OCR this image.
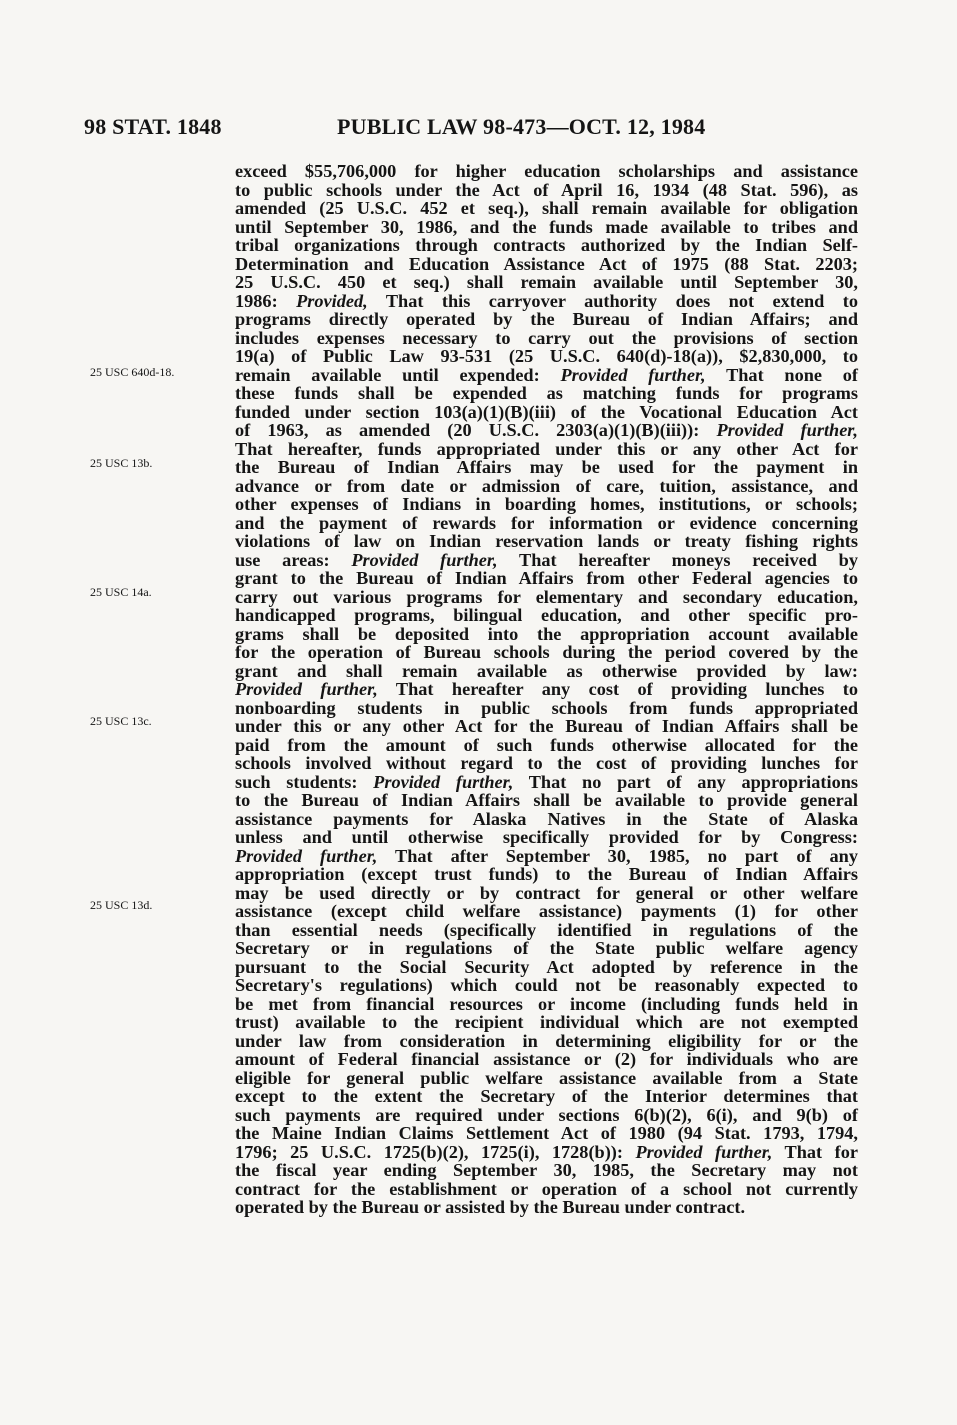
98 STAT. 1848	PUBLIC LAW 98-473—OCT. 12, 1984
25 USC 640d-18.
25 USC 13b.
25 USC 14a.
25 USC 13c.
25 USC 13d.
exceed $55,706,000 for higher education scholarships and assistance
to public schools under the Act of April 16, 1934 (48 Stat. 596), as
amended (25 U.S.C. 452 et seq.), shall remain available for obligation
until September 30, 1986, and the funds made available to tribes and
tribal organizations through contracts authorized by the Indian Self-
Determination and Education Assistance Act of 1975 (88 Stat. 2203;
25 U.S.C. 450 et seq.) shall remain available until September 30,
1986: Provided, That this carryover authority does not extend to
programs directly operated by the Bureau of Indian Affairs; and
includes expenses necessary to carry out the provisions of section
19(a) of Public Law 93-531 (25 U.S.C. 640(d)-18(a)), $2,830,000, to
remain available until expended: Provided further, That none of
these funds shall be expended as matching funds for programs
funded under section 103(a)(1)(B)(iii) of the Vocational Education Act
of 1963, as amended (20 U.S.C. 2303(a)(1)(B)(iii)): Provided further,
That hereafter, funds appropriated under this or any other Act for
the Bureau of Indian Affairs may be used for the payment in
advance or from date or admission of care, tuition, assistance, and
other expenses of Indians in boarding homes, institutions, or schools;
and the payment of rewards for information or evidence concerning
violations of law on Indian reservation lands or treaty fishing rights
use areas: Provided further, That hereafter moneys received by
grant to the Bureau of Indian Affairs from other Federal agencies to
carry out various programs for elementary and secondary education,
handicapped programs, bilingual education, and other specific pro-
grams shall be deposited into the appropriation account available
for the operation of Bureau schools during the period covered by the
grant and shall remain available as otherwise provided by law:
Provided further, That hereafter any cost of providing lunches to
nonboarding students in public schools from funds appropriated
under this or any other Act for the Bureau of Indian Affairs shall be
paid from the amount of such funds otherwise allocated for the
schools involved without regard to the cost of providing lunches for
such students: Provided further, That no part of any appropriations
to the Bureau of Indian Affairs shall be available to provide general
assistance payments for Alaska Natives in the State of Alaska
unless and until otherwise specifically provided for by Congress:
Provided further, That after September 30, 1985, no part of any
appropriation (except trust funds) to the Bureau of Indian Affairs
may be used directly or by contract for general or other welfare
assistance (except child welfare assistance) payments (1) for other
than essential needs (specifically identified in regulations of the
Secretary or in regulations of the State public welfare agency
pursuant to the Social Security Act adopted by reference in the
Secretary's regulations) which could not be reasonably expected to
be met from financial resources or income (including funds held in
trust) available to the recipient individual which are not exempted
under law from consideration in determining eligibility for or the
amount of Federal financial assistance or (2) for individuals who are
eligible for general public welfare assistance available from a State
except to the extent the Secretary of the Interior determines that
such payments are required under sections 6(b)(2), 6(i), and 9(b) of
the Maine Indian Claims Settlement Act of 1980 (94 Stat. 1793, 1794,
1796; 25 U.S.C. 1725(b)(2), 1725(i), 1728(b)): Provided further, That for
the fiscal year ending September 30, 1985, the Secretary may not
contract for the establishment or operation of a school not currently
operated by the Bureau or assisted by the Bureau under contract.
